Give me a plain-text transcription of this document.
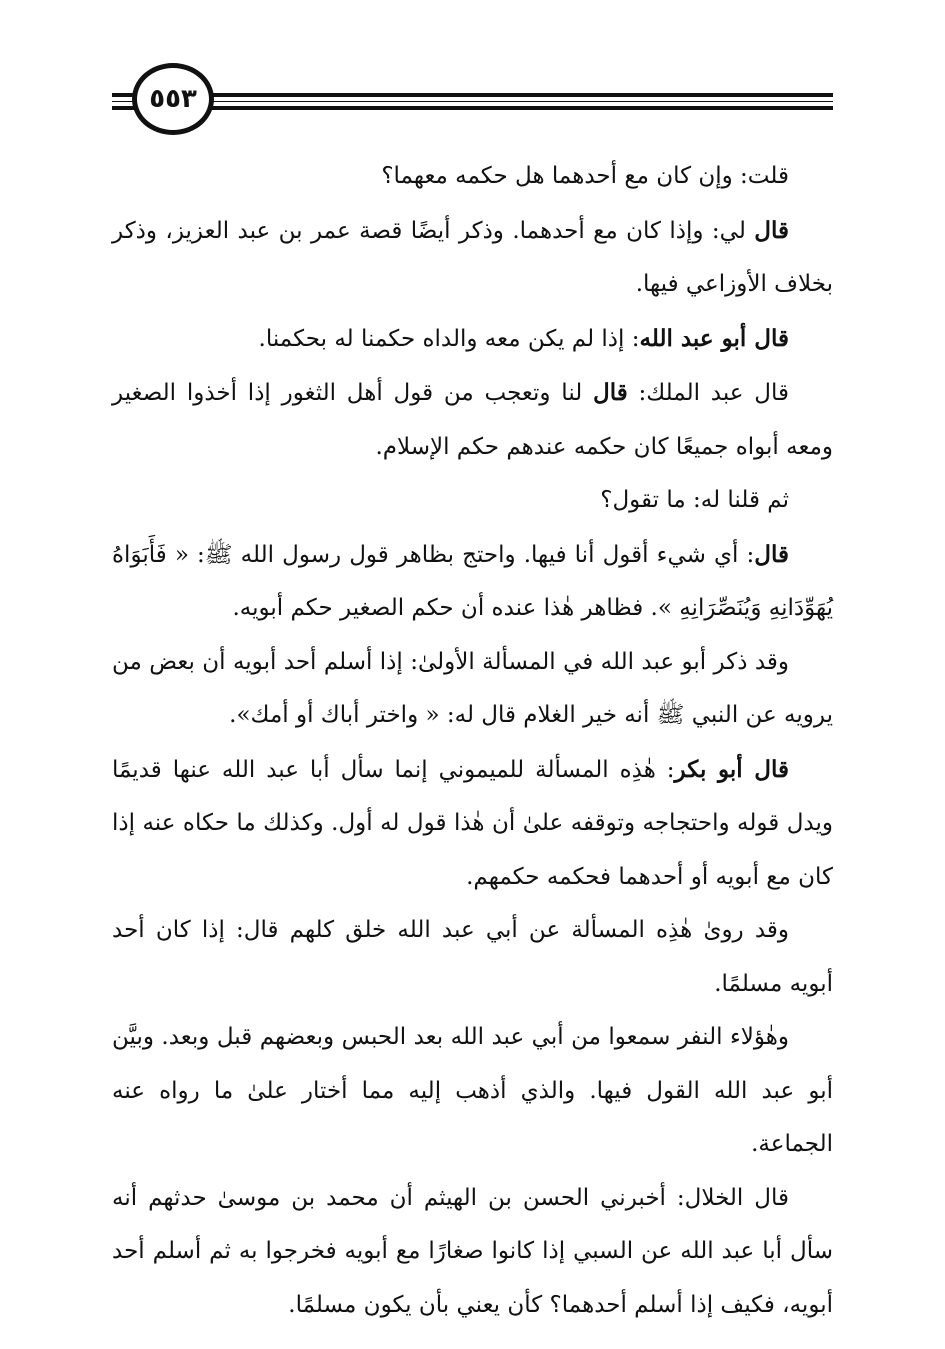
٥٥٣

قلت: وإن كان مع أحدهما هل حكمه معهما؟

قال لي: وإذا كان مع أحدهما. وذكر أيضًا قصة عمر بن عبد العزيز، وذكر بخلاف الأوزاعي فيها.

قال أبو عبد الله: إذا لم يكن معه والداه حكمنا له بحكمنا.

قال عبد الملك: قال لنا وتعجب من قول أهل الثغور إذا أخذوا الصغير ومعه أبواه جميعًا كان حكمه عندهم حكم الإسلام.

ثم قلنا له: ما تقول؟

قال: أي شيء أقول أنا فيها. واحتج بظاهر قول رسول الله ﷺ: « فَأَبَوَاهُ يُهَوِّدَانِهِ وَيُنَصِّرَانِهِ ». فظاهر هٰذا عنده أن حكم الصغير حكم أبويه.

وقد ذكر أبو عبد الله في المسألة الأولىٰ: إذا أسلم أحد أبويه أن بعض من يرويه عن النبي ﷺ أنه خير الغلام قال له: « واختر أباك أو أمك».

قال أبو بكر: هٰذِه المسألة للميموني إنما سأل أبا عبد الله عنها قديمًا ويدل قوله واحتجاجه وتوقفه علىٰ أن هٰذا قول له أول. وكذلك ما حكاه عنه إذا كان مع أبويه أو أحدهما فحكمه حكمهم.

وقد روىٰ هٰذِه المسألة عن أبي عبد الله خلق كلهم قال: إذا كان أحد أبويه مسلمًا.

وهٰؤلاء النفر سمعوا من أبي عبد الله بعد الحبس وبعضهم قبل وبعد. وبيَّن أبو عبد الله القول فيها. والذي أذهب إليه مما أختار علىٰ ما رواه عنه الجماعة.

قال الخلال: أخبرني الحسن بن الهيثم أن محمد بن موسىٰ حدثهم أنه سأل أبا عبد الله عن السبي إذا كانوا صغارًا مع أبويه فخرجوا به ثم أسلم أحد أبويه، فكيف إذا أسلم أحدهما؟ كأن يعني بأن يكون مسلمًا.
